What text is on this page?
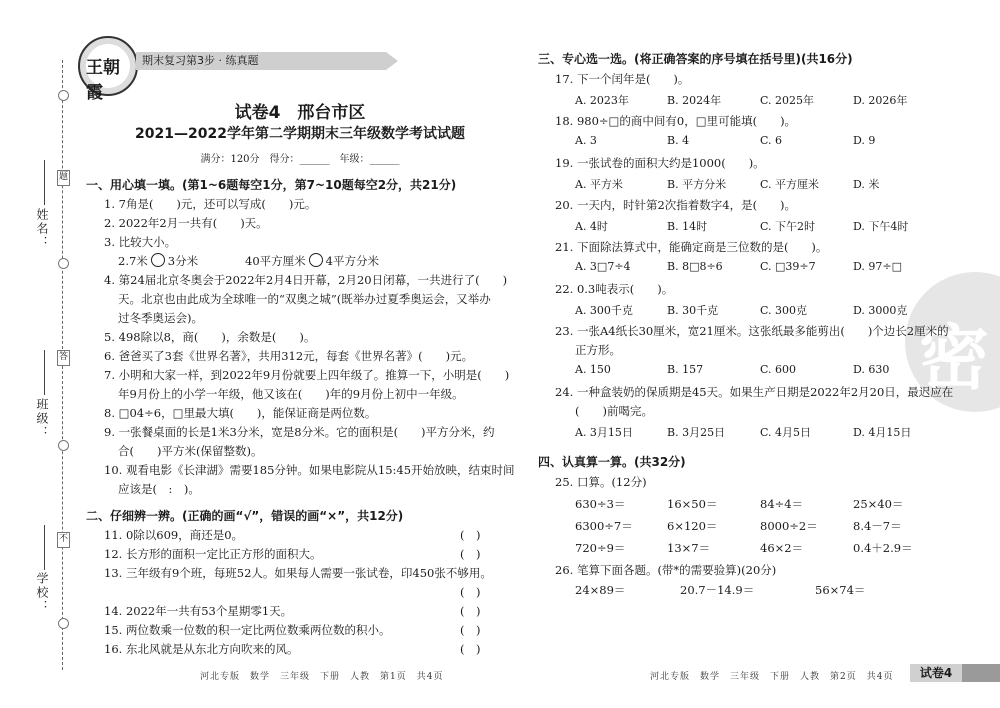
姓名：
班级：
学校：
题
答
不
王朝霞
期末复习第3步 · 练真题
试卷4　邢台市区
2021—2022学年第二学期期末三年级数学考试试题
满分：120分　得分：______　年级：______
一、用心填一填。(第1~6题每空1分，第7~10题每空2分，共21分)
1. 7角是(　　)元，还可以写成(　　)元。
2. 2022年2月一共有(　　)天。
3. 比较大小。
2.7米 3分米	40平方厘米 4平方分米
4. 第24届北京冬奥会于2022年2月4日开幕，2月20日闭幕，一共进行了(　　)
天。北京也由此成为全球唯一的“双奥之城”(既举办过夏季奥运会，又举办
过冬季奥运会)。
5. 498除以8，商(　　)，余数是(　　)。
6. 爸爸买了3套《世界名著》，共用312元，每套《世界名著》(　　)元。
7. 小明和大家一样，到2022年9月份就要上四年级了。推算一下，小明是(　　)
年9月份上的小学一年级，他又该在(　　)年的9月份上初中一年级。
8. □04÷6，□里最大填(　　)，能保证商是两位数。
9. 一张餐桌面的长是1米3分米，宽是8分米。它的面积是(　　)平方分米，约
合(　　)平方米(保留整数)。
10. 观看电影《长津湖》需要185分钟。如果电影院从15:45开始放映，结束时间
应该是(　:　)。
二、仔细辨一辨。(正确的画“√”，错误的画“×”，共12分)
11. 0除以609，商还是0。	(　)
12. 长方形的面积一定比正方形的面积大。	(　)
13. 三年级有9个班，每班52人。如果每人需要一张试卷，印450张不够用。
(　)
14. 2022年一共有53个星期零1天。	(　)
15. 两位数乘一位数的积一定比两位数乘两位数的积小。	(　)
16. 东北风就是从东北方向吹来的风。	(　)
河北专版　数学　三年级　下册　人教　第1页　共4页
密
三、专心选一选。(将正确答案的序号填在括号里)(共16分)
17. 下一个闰年是(　　)。
A. 2023年	B. 2024年	C. 2025年	D. 2026年
18. 980÷□的商中间有0，□里可能填(　　)。
A. 3	B. 4	C. 6	D. 9
19. 一张试卷的面积大约是1000(　　)。
A. 平方米	B. 平方分米	C. 平方厘米	D. 米
20. 一天内，时针第2次指着数字4，是(　　)。
A. 4时	B. 14时	C. 下午2时	D. 下午4时
21. 下面除法算式中，能确定商是三位数的是(　　)。
A. 3□7÷4	B. 8□8÷6	C. □39÷7	D. 97÷□
22. 0.3吨表示(　　)。
A. 300千克	B. 30千克	C. 300克	D. 3000克
23. 一张A4纸长30厘米，宽21厘米。这张纸最多能剪出(　　)个边长2厘米的
正方形。
A. 150	B. 157	C. 600	D. 630
24. 一种盒装奶的保质期是45天。如果生产日期是2022年2月20日，最迟应在
(　　)前喝完。
A. 3月15日	B. 3月25日	C. 4月5日	D. 4月15日
四、认真算一算。(共32分)
25. 口算。(12分)
630÷3＝	16×50＝	84÷4＝	25×40＝
6300÷7＝	6×120＝	8000÷2＝	8.4－7＝
720÷9＝	13×7＝	46×2＝	0.4＋2.9＝
26. 笔算下面各题。(带*的需要验算)(20分)
24×89＝	20.7－14.9＝	56×74＝
河北专版　数学　三年级　下册　人教　第2页　共4页	试卷4
